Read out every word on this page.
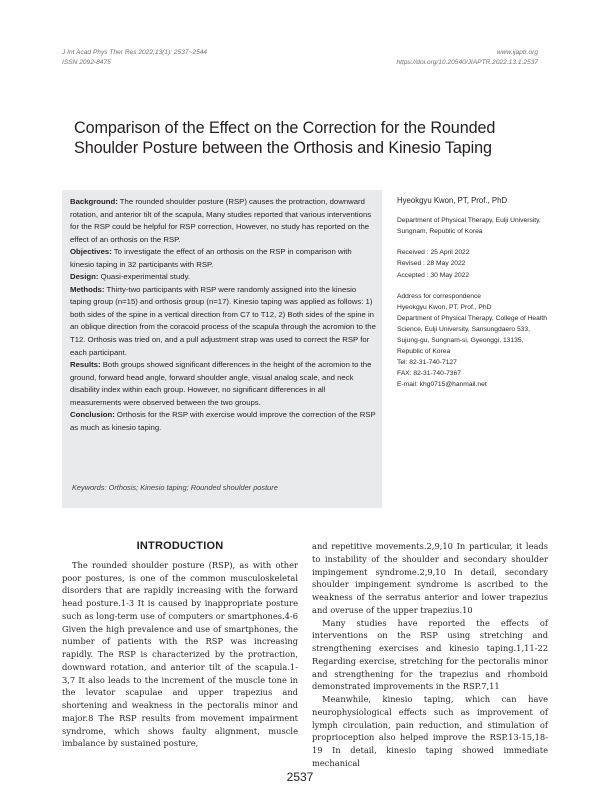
J Int Acad Phys Ther Res 2022;13(1): 2537~2544
ISSN 2092-8475
www.ijaptr.org
https://doi.org/10.20540/JIAPTR.2022.13.1.2537
Comparison of the Effect on the Correction for the Rounded Shoulder Posture between the Orthosis and Kinesio Taping

Background: The rounded shoulder posture (RSP) causes the protraction, downward rotation, and anterior tilt of the scapula, Many studies reported that various interventions for the RSP could be helpful for RSP correction, However, no study has reported on the effect of an orthosis on the RSP.

Objectives: To investigate the effect of an orthosis on the RSP in comparison with kinesio taping in 32 participants with RSP.

Design: Quasi-experimental study.

Methods: Thirty-two participants with RSP were randomly assigned into the kinesio taping group (n=15) and orthosis group (n=17). Kinesio taping was applied as follows: 1) both sides of the spine in a vertical direction from C7 to T12, 2) Both sides of the spine in an oblique direction from the coracoid process of the scapula through the acromion to the T12. Orthosis was tried on, and a pull adjustment strap was used to correct the RSP for each participant.

Results: Both groups showed significant differences in the height of the acromion to the ground, forward head angle, forward shoulder angle, visual analog scale, and neck disability index within each group. However, no significant differences in all measurements were observed between the two groups.

Conclusion: Orthosis for the RSP with exercise would improve the correction of the RSP as much as kinesio taping.

Keywords: Orthosis; Kinesio taping; Rounded shoulder posture
Hyeokgyu Kwon, PT, Prof., PhD
Department of Physical Therapy, Eulji University, Sungnam, Republic of Korea
Received : 25 April 2022
Revised : 28 May 2022
Accepted : 30 May 2022
Address for correspondence
Hyeokgyu Kwon, PT, Prof., PhD
Department of Physical Therapy, College of Health Science, Eulji University, Sansungdaero 533, Sujung-gu, Sungnam-si, Gyeonggi, 13135, Republic of Korea
Tel: 82-31-740-7127
FAX: 82-31-740-7367
E-mail: khg0715@hanmail.net
INTRODUCTION

The rounded shoulder posture (RSP), as with other poor postures, is one of the common musculoskeletal disorders that are rapidly increasing with the forward head posture.1-3 It is caused by inappropriate posture such as long-term use of computers or smartphones.4-6 Given the high prevalence and use of smartphones, the number of patients with the RSP was increasing rapidly. The RSP is characterized by the protraction, downward rotation, and anterior tilt of the scapula.1-3,7 It also leads to the increment of the muscle tone in the levator scapulae and upper trapezius and shortening and weakness in the pectoralis minor and major.8 The RSP results from movement impairment syndrome, which shows faulty alignment, muscle imbalance by sustained posture,

and repetitive movements.2,9,10 In particular, it leads to instability of the shoulder and secondary shoulder impingement syndrome.2,9,10 In detail, secondary shoulder impingement syndrome is ascribed to the weakness of the serratus anterior and lower trapezius and overuse of the upper trapezius.10

Many studies have reported the effects of interventions on the RSP using stretching and strengthening exercises and kinesio taping.1,11-22 Regarding exercise, stretching for the pectoralis minor and strengthening for the trapezius and rhomboid demonstrated improvements in the RSP.7,11

Meanwhile, kinesio taping, which can have neurophysiological effects such as improvement of lymph circulation, pain reduction, and stimulation of proprioception also helped improve the RSP.13-15,18-19 In detail, kinesio taping showed immediate mechanical

2537
